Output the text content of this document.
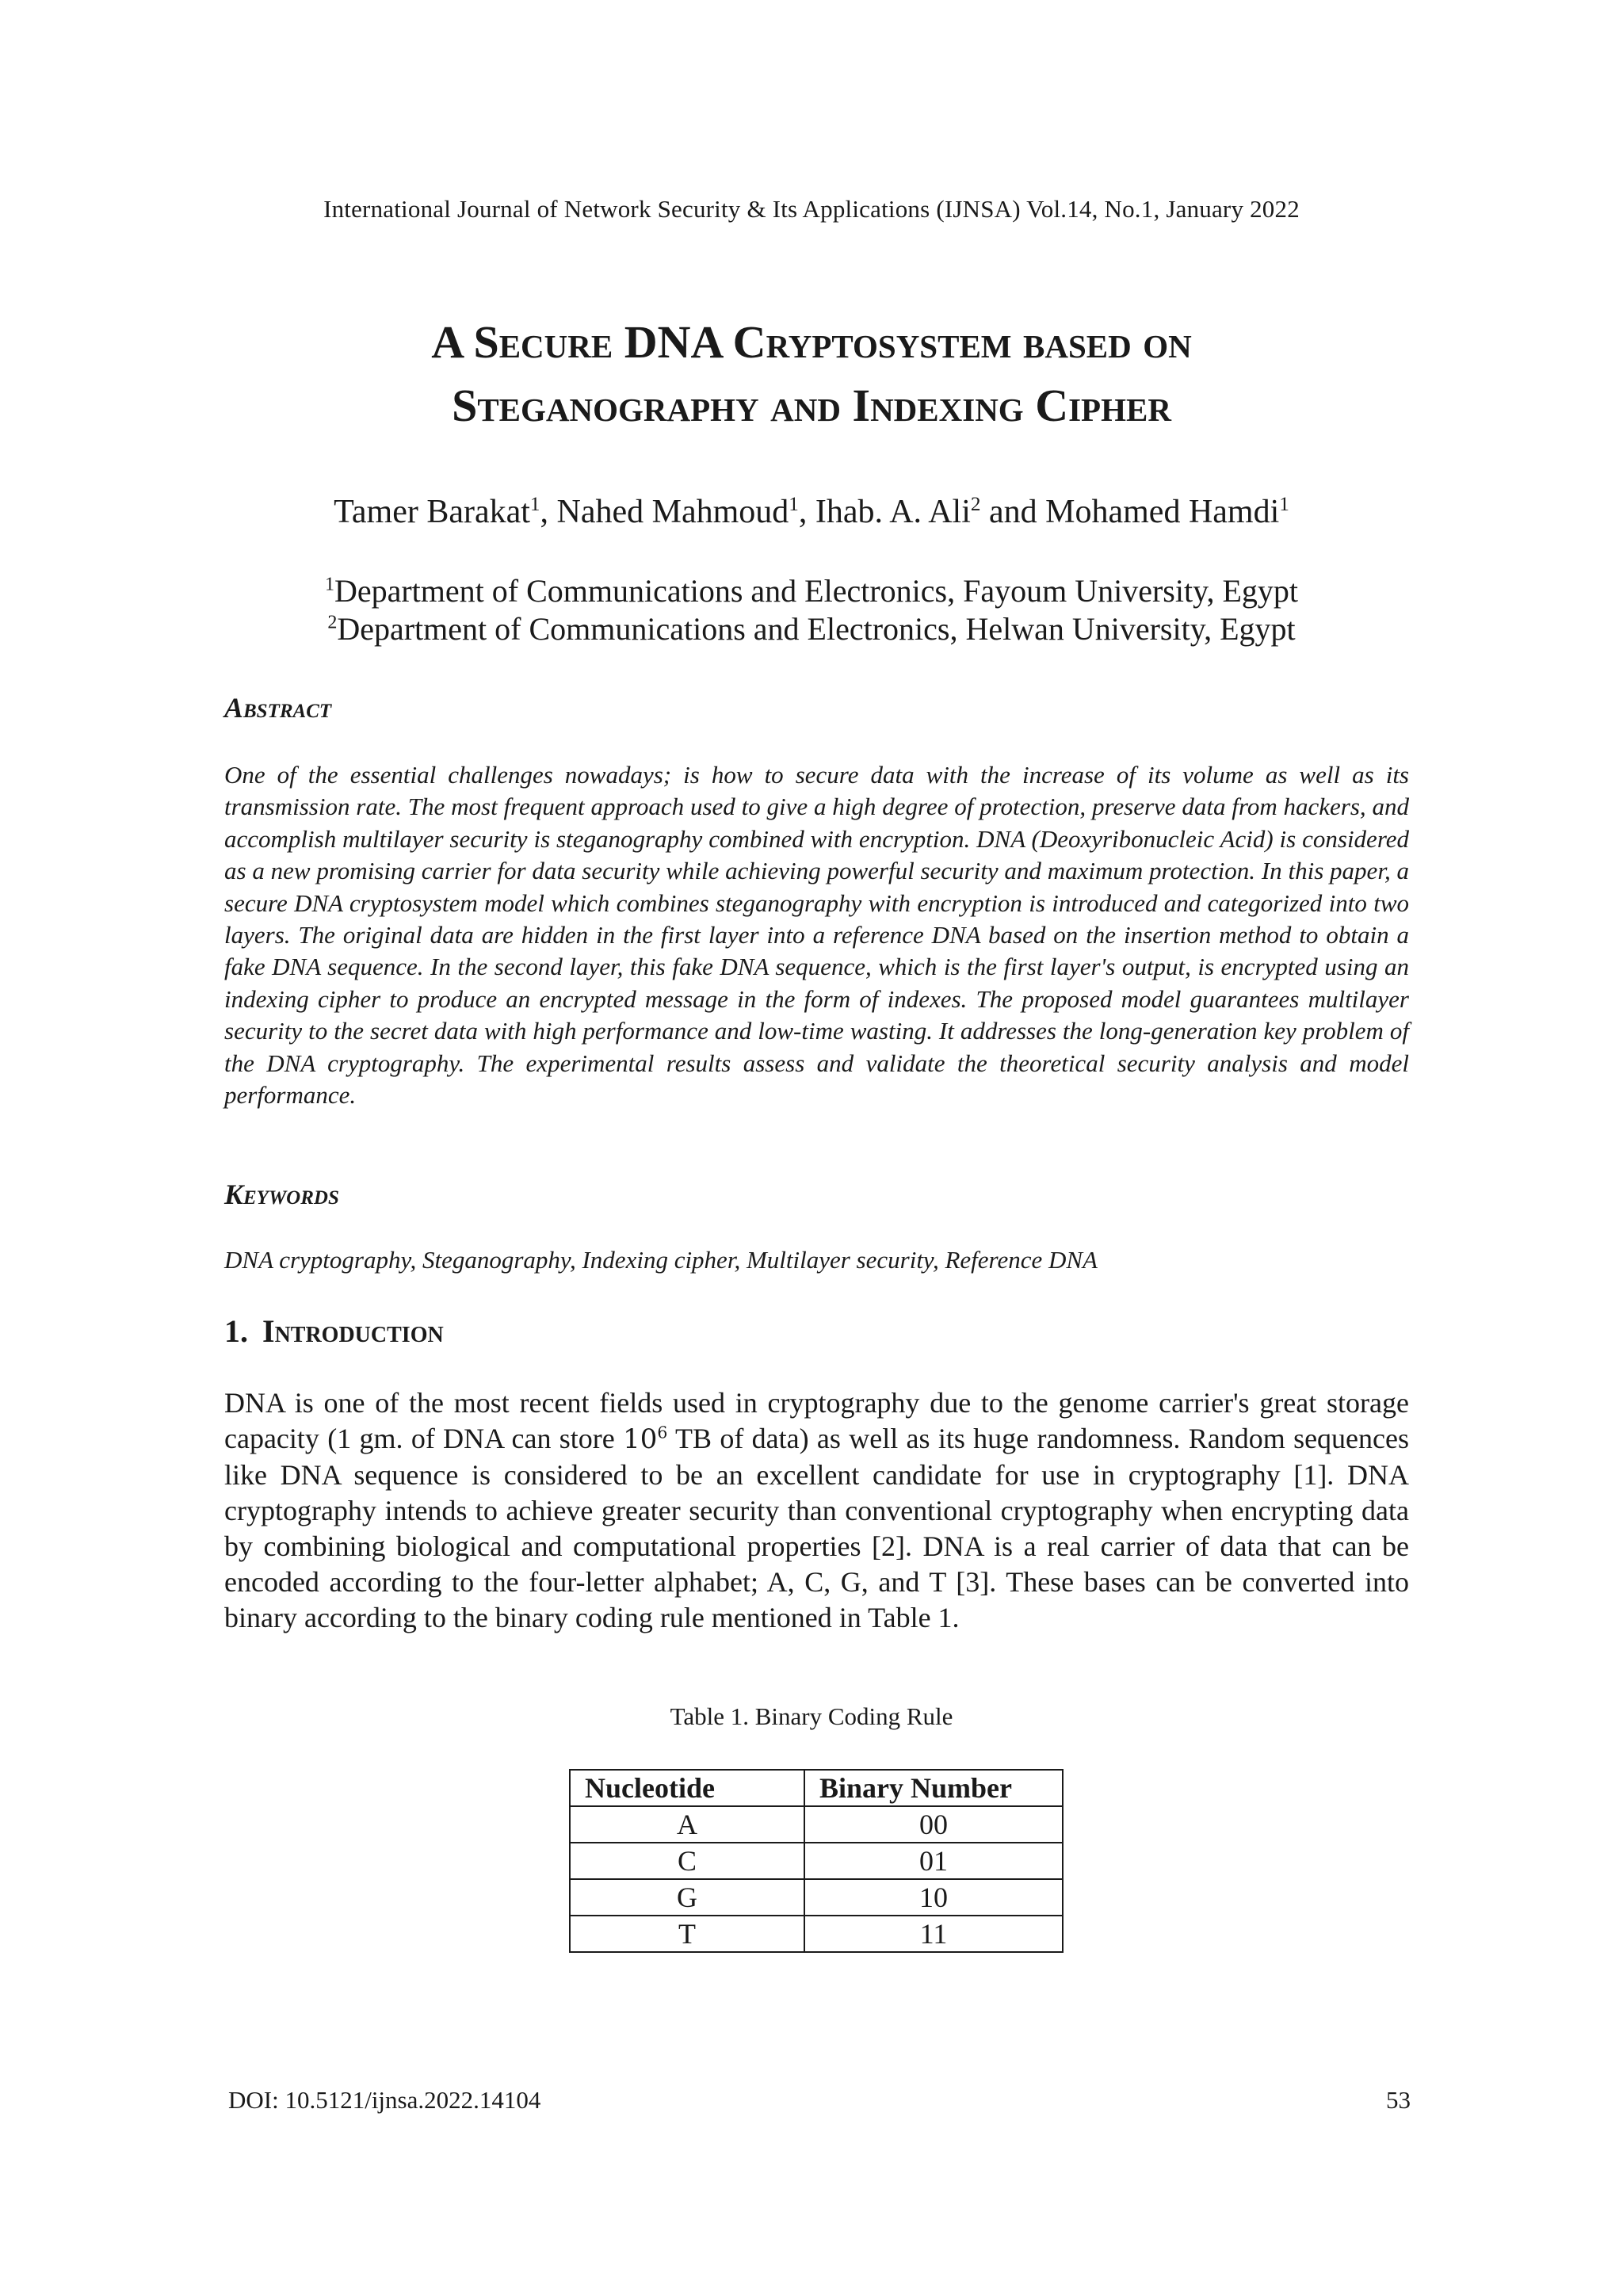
International Journal of Network Security & Its Applications (IJNSA) Vol.14, No.1, January 2022
A Secure DNA Cryptosystem based on
Steganography and Indexing Cipher
Tamer Barakat$^1$, Nahed Mahmoud$^1$, Ihab. A. Ali$^2$ and Mohamed Hamdi$^1$
$^1$Department of Communications and Electronics, Fayoum University, Egypt
$^2$Department of Communications and Electronics, Helwan University, Egypt
Abstract
One of the essential challenges nowadays; is how to secure data with the increase of its volume as well as its transmission rate. The most frequent approach used to give a high degree of protection, preserve data from hackers, and accomplish multilayer security is steganography combined with encryption. DNA (Deoxyribonucleic Acid) is considered as a new promising carrier for data security while achieving powerful security and maximum protection. In this paper, a secure DNA cryptosystem model which combines steganography with encryption is introduced and categorized into two layers. The original data are hidden in the first layer into a reference DNA based on the insertion method to obtain a fake DNA sequence. In the second layer, this fake DNA sequence, which is the first layer's output, is encrypted using an indexing cipher to produce an encrypted message in the form of indexes. The proposed model guarantees multilayer security to the secret data with high performance and low-time wasting. It addresses the long-generation key problem of the DNA cryptography. The experimental results assess and validate the theoretical security analysis and model performance.
Keywords
DNA cryptography, Steganography, Indexing cipher, Multilayer security, Reference DNA
1. Introduction
DNA is one of the most recent fields used in cryptography due to the genome carrier's great storage capacity (1 gm. of DNA can store $10^6$ TB of data) as well as its huge randomness. Random sequences like DNA sequence is considered to be an excellent candidate for use in cryptography [1]. DNA cryptography intends to achieve greater security than conventional cryptography when encrypting data by combining biological and computational properties [2]. DNA is a real carrier of data that can be encoded according to the four-letter alphabet; A, C, G, and T [3]. These bases can be converted into binary according to the binary coding rule mentioned in Table 1.
Table 1. Binary Coding Rule
Nucleotide	Binary Number
A	00
C	01
G	10
T	11
DOI: 10.5121/ijnsa.2022.14104	53
